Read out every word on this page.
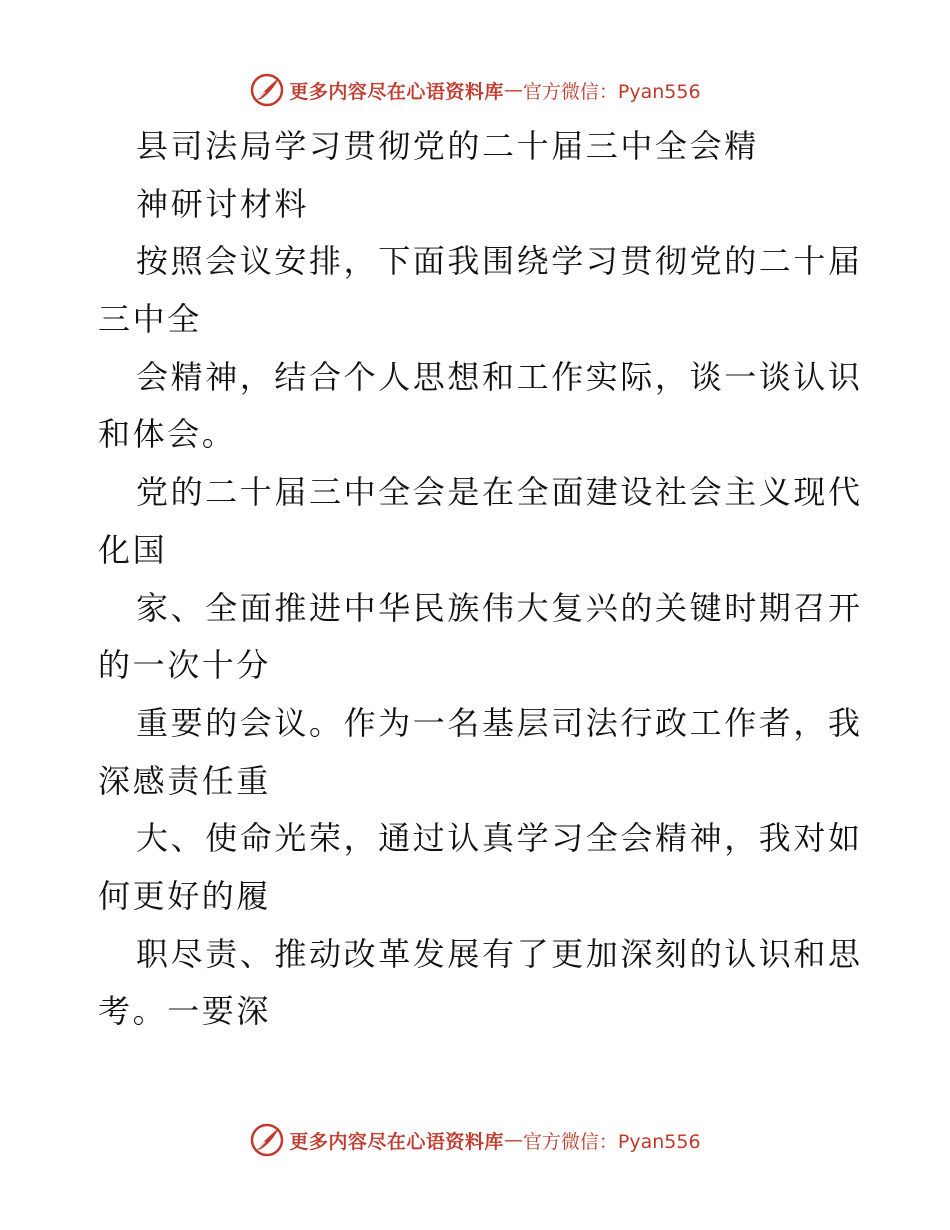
更多内容尽在心语资料库 — 官方微信：Pyan556
县司法局学习贯彻党的二十届三中全会精
神研讨材料
按照会议安排，下面我围绕学习贯彻党的二十届
三中全
会精神，结合个人思想和工作实际，谈一谈认识
和体会。
党的二十届三中全会是在全面建设社会主义现代
化国
家、全面推进中华民族伟大复兴的关键时期召开
的一次十分
重要的会议。作为一名基层司法行政工作者，我
深感责任重
大、使命光荣，通过认真学习全会精神，我对如
何更好的履
职尽责、推动改革发展有了更加深刻的认识和思
考。一要深
更多内容尽在心语资料库 — 官方微信：Pyan556
